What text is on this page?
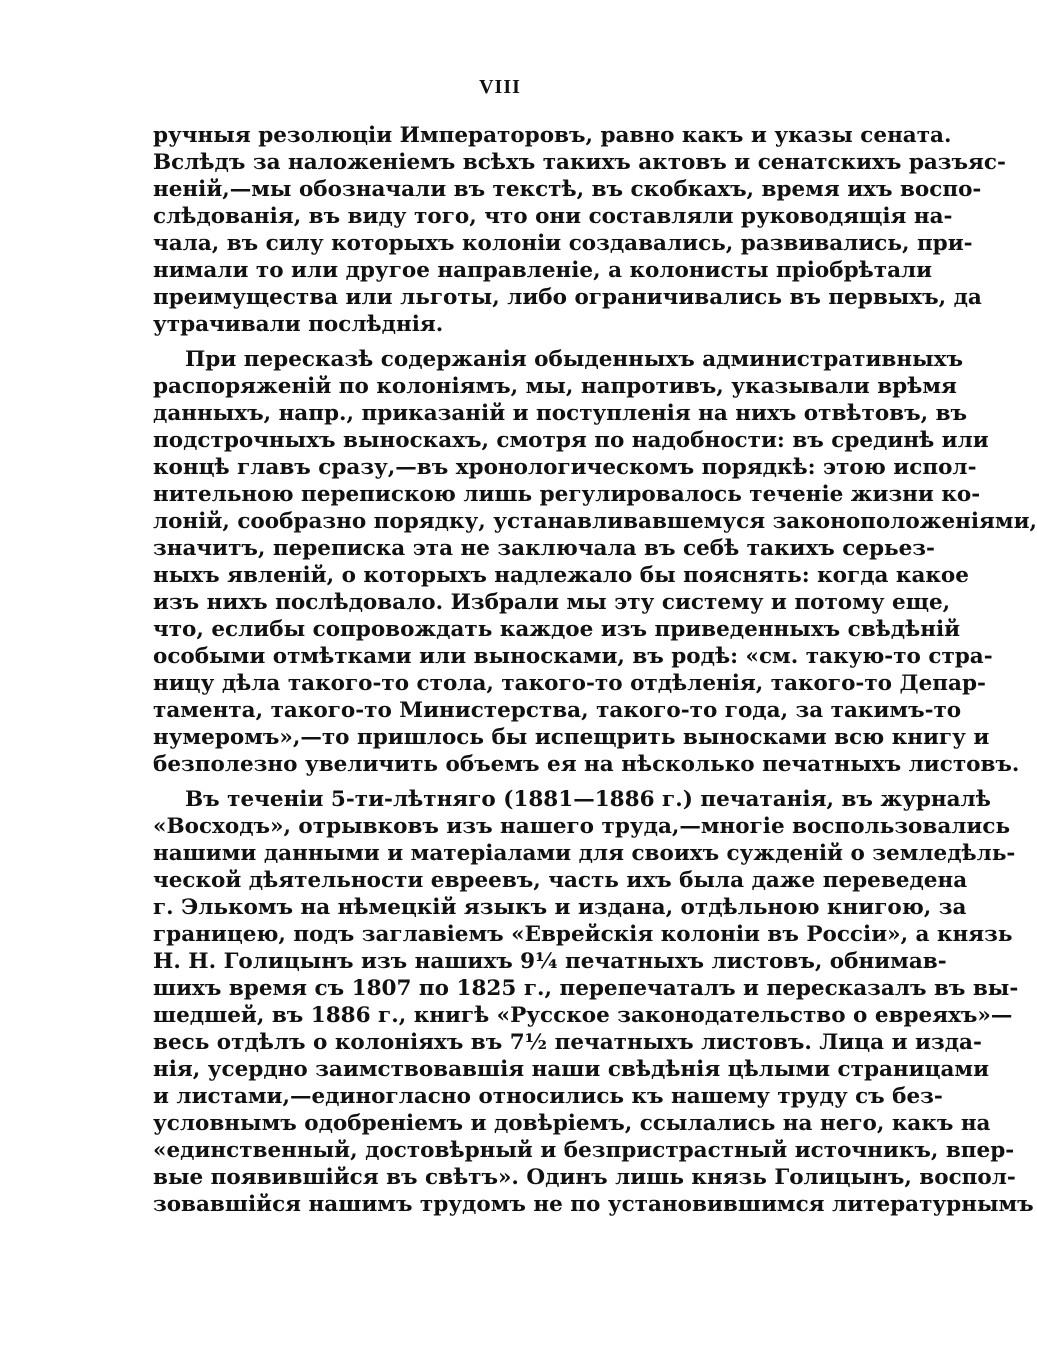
VIII
ручныя резолюціи Императоровъ, равно какъ и указы сената.
Вслѣдъ за наложеніемъ всѣхъ такихъ актовъ и сенатскихъ разъяс-
неній,—мы обозначали въ текстѣ, въ скобкахъ, время ихъ воспо-
слѣдованія, въ виду того, что они составляли руководящія на-
чала, въ силу которыхъ колоніи создавались, развивались, при-
нимали то или другое направленіе, а колонисты пріобрѣтали
преимущества или льготы, либо ограничивались въ первыхъ, да
утрачивали послѣднія.
При пересказѣ содержанія обыденныхъ административныхъ
распоряженій по колоніямъ, мы, напротивъ, указывали врѣмя
данныхъ, напр., приказаній и поступленія на нихъ отвѣтовъ, въ
подстрочныхъ выноскахъ, смотря по надобности: въ срединѣ или
концѣ главъ сразу,—въ хронологическомъ порядкѣ: этою испол-
нительною перепискою лишь регулировалось теченіе жизни ко-
лоній, сообразно порядку, устанавливавшемуся законоположеніями,
значитъ, переписка эта не заключала въ себѣ такихъ серьез-
ныхъ явленій, о которыхъ надлежало бы пояснять: когда какое
изъ нихъ послѣдовало. Избрали мы эту систему и потому еще,
что, еслибы сопровождать каждое изъ приведенныхъ свѣдѣній
особыми отмѣтками или выносками, въ родѣ: «см. такую-то стра-
ницу дѣла такого-то стола, такого-то отдѣленія, такого-то Депар-
тамента, такого-то Министерства, такого-то года, за такимъ-то
нумеромъ»,—то пришлось бы испещрить выносками всю книгу и
безполезно увеличить объемъ ея на нѣсколько печатныхъ листовъ.
Въ теченіи 5-ти-лѣтняго (1881—1886 г.) печатанія, въ журналѣ
«Восходъ», отрывковъ изъ нашего труда,—многіе воспользовались
нашими данными и матеріалами для своихъ сужденій о земледѣль-
ческой дѣятельности евреевъ, часть ихъ была даже переведена
г. Элькомъ на нѣмецкій языкъ и издана, отдѣльною книгою, за
границею, подъ заглавіемъ «Еврейскія колоніи въ Россіи», а князь
Н. Н. Голицынъ изъ нашихъ 9¼ печатныхъ листовъ, обнимав-
шихъ время съ 1807 по 1825 г., перепечаталъ и пересказалъ въ вы-
шедшей, въ 1886 г., книгѣ «Русское законодательство о евреяхъ»—
весь отдѣлъ о колоніяхъ въ 7½ печатныхъ листовъ. Лица и изда-
нія, усердно заимствовавшія наши свѣдѣнія цѣлыми страницами
и листами,—единогласно относились къ нашему труду съ без-
условнымъ одобреніемъ и довѣріемъ, ссылались на него, какъ на
«единственный, достовѣрный и безпристрастный источникъ, впер-
вые появившійся въ свѣтъ». Одинъ лишь князь Голицынъ, воспол-
зовавшійся нашимъ трудомъ не по установившимся литературнымъ
